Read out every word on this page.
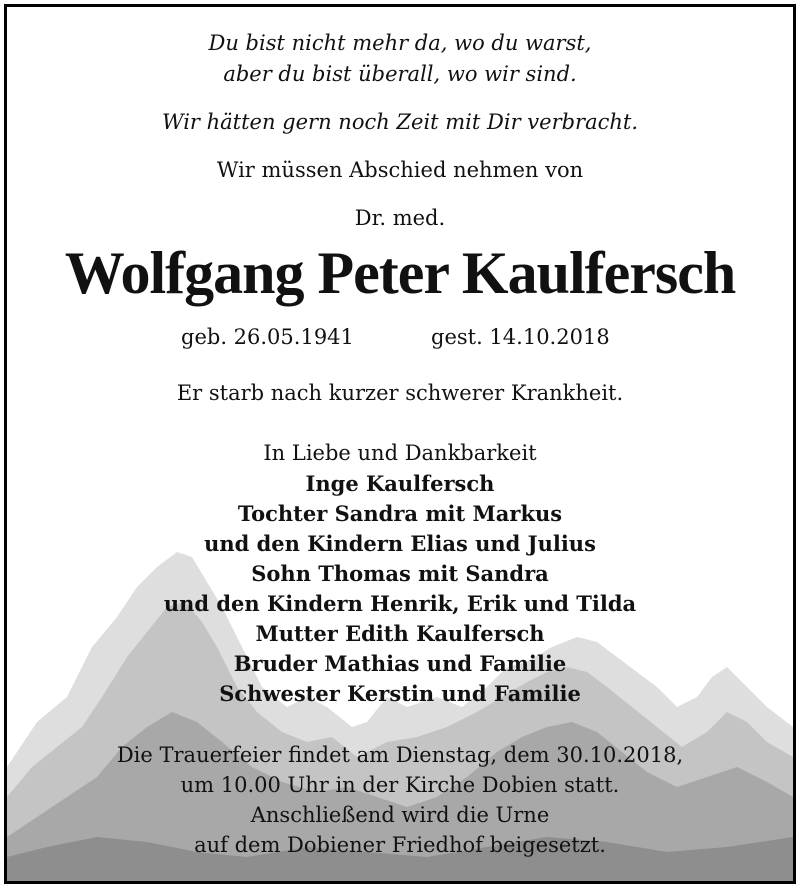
Du bist nicht mehr da, wo du warst,
aber du bist überall, wo wir sind.
Wir hätten gern noch Zeit mit Dir verbracht.
Wir müssen Abschied nehmen von
Dr. med.
Wolfgang Peter Kaulfersch
geb. 26.05.1941	gest. 14.10.2018
Er starb nach kurzer schwerer Krankheit.
In Liebe und Dankbarkeit
Inge Kaulfersch
Tochter Sandra mit Markus
und den Kindern Elias und Julius
Sohn Thomas mit Sandra
und den Kindern Henrik, Erik und Tilda
Mutter Edith Kaulfersch
Bruder Mathias und Familie
Schwester Kerstin und Familie
Die Trauerfeier findet am Dienstag, dem 30.10.2018,
um 10.00 Uhr in der Kirche Dobien statt.
Anschließend wird die Urne
auf dem Dobiener Friedhof beigesetzt.
